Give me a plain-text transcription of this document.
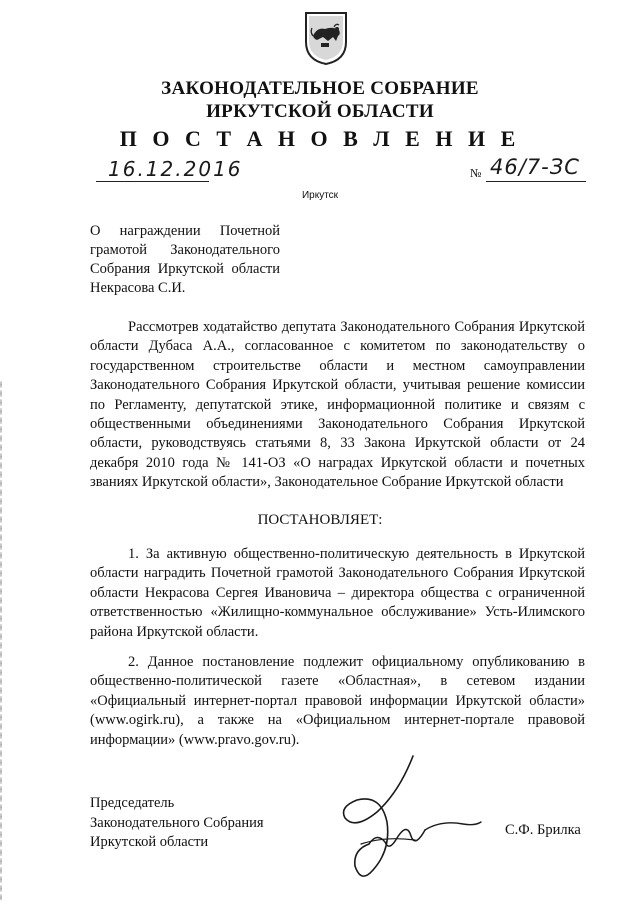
ЗАКОНОДАТЕЛЬНОЕ СОБРАНИЕ
ИРКУТСКОЙ ОБЛАСТИ
П О С Т А Н О В Л Е Н И Е
16.12.2016	№ 46/7-ЗС
Иркутск
О награждении Почетной грамотой Законодательного Собрания Иркутской области Некрасова С.И.

Рассмотрев ходатайство депутата Законодательного Собрания Иркутской области Дубаса А.А., согласованное с комитетом по законодательству о государственном строительстве области и местном самоуправлении Законодательного Собрания Иркутской области, учитывая решение комиссии по Регламенту, депутатской этике, информационной политике и связям с общественными объединениями Законодательного Собрания Иркутской области, руководствуясь статьями 8, 33 Закона Иркутской области от 24 декабря 2010 года № 141-ОЗ «О наградах Иркутской области и почетных званиях Иркутской области», Законодательное Собрание Иркутской области

ПОСТАНОВЛЯЕТ:

1. За активную общественно-политическую деятельность в Иркутской области наградить Почетной грамотой Законодательного Собрания Иркутской области Некрасова Сергея Ивановича – директора общества с ограниченной ответственностью «Жилищно-коммунальное обслуживание» Усть-Илимского района Иркутской области.

2. Данное постановление подлежит официальному опубликованию в общественно-политической газете «Областная», в сетевом издании «Официальный интернет-портал правовой информации Иркутской области» (www.ogirk.ru), а также на «Официальном интернет-портале правовой информации» (www.pravo.gov.ru).

Председатель
Законодательного Собрания
Иркутской области
С.Ф. Брилка
